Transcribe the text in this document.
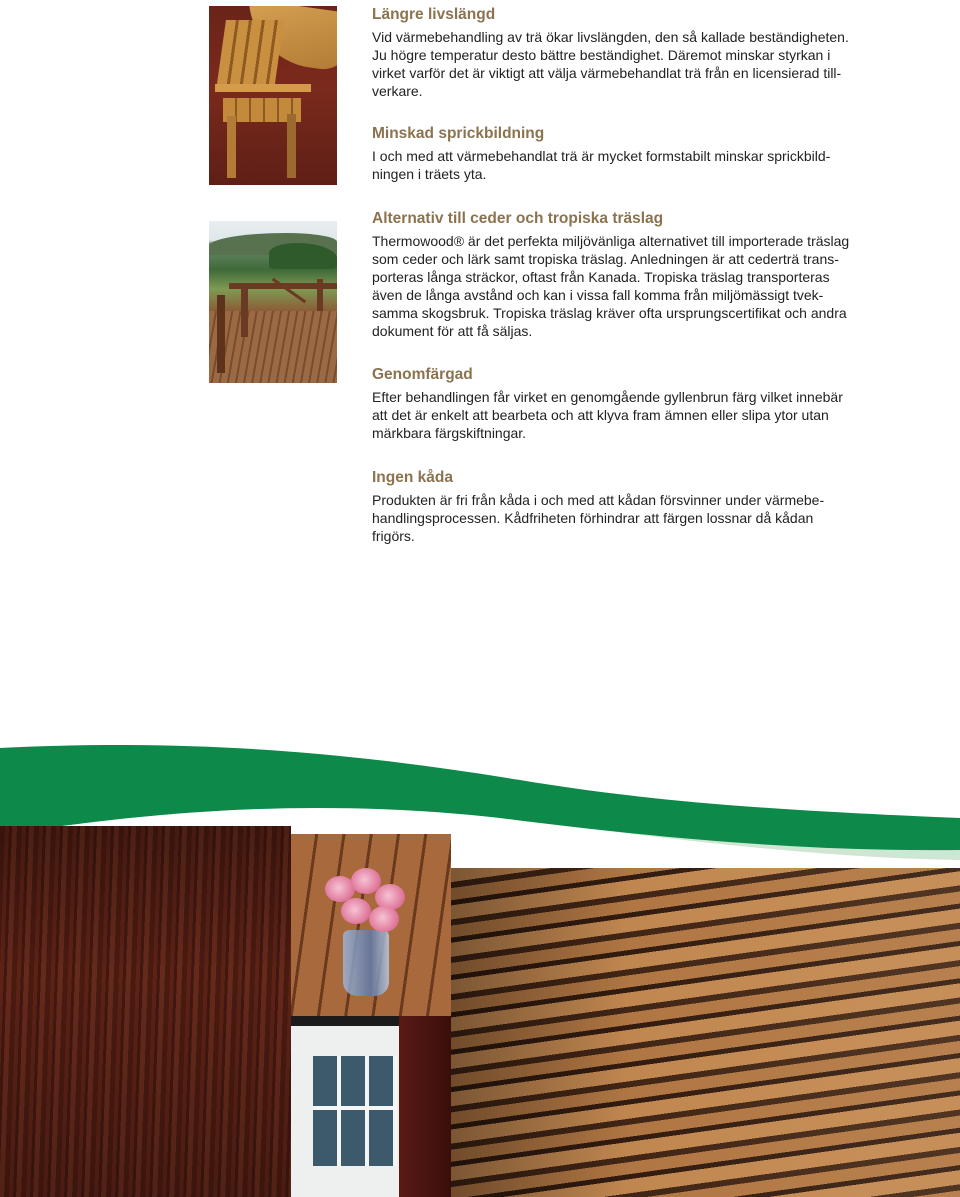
Längre livslängd

Vid värmebehandling av trä ökar livslängden, den så kallade beständigheten.
Ju högre temperatur desto bättre beständighet. Däremot minskar styrkan i
virket varför det är viktigt att välja värmebehandlat trä från en licensierad till-
verkare.

Minskad sprickbildning

I och med att värmebehandlat trä är mycket formstabilt minskar sprickbild-
ningen i träets yta.

Alternativ till ceder och tropiska träslag

Thermowood® är det perfekta miljövänliga alternativet till importerade träslag
som ceder och lärk samt tropiska träslag. Anledningen är att cederträ trans-
porteras långa sträckor, oftast från Kanada. Tropiska träslag transporteras
även de långa avstånd och kan i vissa fall komma från miljömässigt tvek-
samma skogsbruk. Tropiska träslag kräver ofta ursprungscertifikat och andra
dokument för att få säljas.

Genomfärgad

Efter behandlingen får virket en genomgående gyllenbrun färg vilket innebär
att det är enkelt att bearbeta och att klyva fram ämnen eller slipa ytor utan
märkbara färgskiftningar.

Ingen kåda

Produkten är fri från kåda i och med att kådan försvinner under värmebe-
handlingsprocessen. Kådfriheten förhindrar att färgen lossnar då kådan
frigörs.
